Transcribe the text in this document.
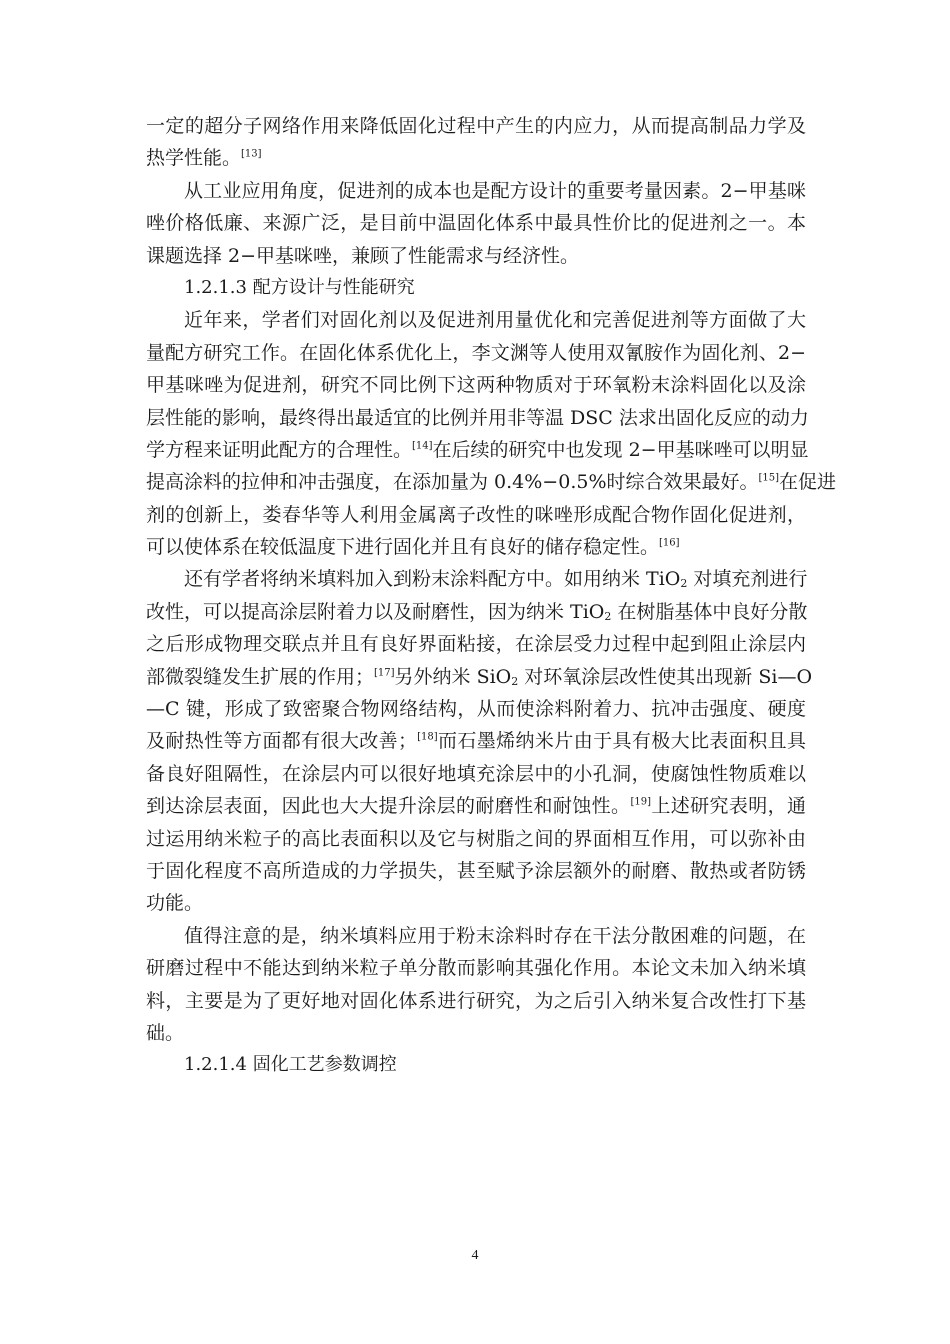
一定的超分子网络作用来降低固化过程中产生的内应力，从而提高制品力学及
热学性能。[13]
从工业应用角度，促进剂的成本也是配方设计的重要考量因素。2−甲基咪
唑价格低廉、来源广泛，是目前中温固化体系中最具性价比的促进剂之一。本
课题选择 2−甲基咪唑，兼顾了性能需求与经济性。
1.2.1.3 配方设计与性能研究
近年来，学者们对固化剂以及促进剂用量优化和完善促进剂等方面做了大
量配方研究工作。在固化体系优化上，李文渊等人使用双氰胺作为固化剂、2−
甲基咪唑为促进剂，研究不同比例下这两种物质对于环氧粉末涂料固化以及涂
层性能的影响，最终得出最适宜的比例并用非等温 DSC 法求出固化反应的动力
学方程来证明此配方的合理性。[14]在后续的研究中也发现 2−甲基咪唑可以明显
提高涂料的拉伸和冲击强度，在添加量为 0.4%−0.5%时综合效果最好。[15]在促进
剂的创新上，娄春华等人利用金属离子改性的咪唑形成配合物作固化促进剂，
可以使体系在较低温度下进行固化并且有良好的储存稳定性。[16]
还有学者将纳米填料加入到粉末涂料配方中。如用纳米 TiO$_2$ 对填充剂进行
改性，可以提高涂层附着力以及耐磨性，因为纳米 TiO$_2$ 在树脂基体中良好分散
之后形成物理交联点并且有良好界面粘接，在涂层受力过程中起到阻止涂层内
部微裂缝发生扩展的作用；[17]另外纳米 SiO$_2$ 对环氧涂层改性使其出现新 Si—O
—C 键，形成了致密聚合物网络结构，从而使涂料附着力、抗冲击强度、硬度
及耐热性等方面都有很大改善；[18]而石墨烯纳米片由于具有极大比表面积且具
备良好阻隔性，在涂层内可以很好地填充涂层中的小孔洞，使腐蚀性物质难以
到达涂层表面，因此也大大提升涂层的耐磨性和耐蚀性。[19]上述研究表明，通
过运用纳米粒子的高比表面积以及它与树脂之间的界面相互作用，可以弥补由
于固化程度不高所造成的力学损失，甚至赋予涂层额外的耐磨、散热或者防锈
功能。
值得注意的是，纳米填料应用于粉末涂料时存在干法分散困难的问题，在
研磨过程中不能达到纳米粒子单分散而影响其强化作用。本论文未加入纳米填
料，主要是为了更好地对固化体系进行研究，为之后引入纳米复合改性打下基
础。
1.2.1.4 固化工艺参数调控
4
